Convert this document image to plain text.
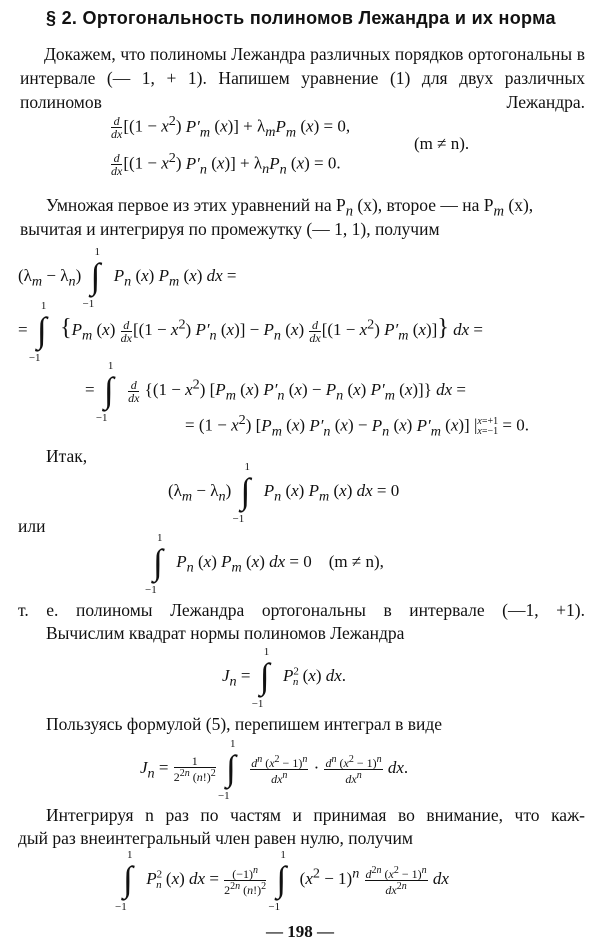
§ 2. Ортогональность полиномов Лежандра и их норма
Докажем, что полиномы Лежандра различных порядков ортогональны в интервале (— 1, + 1). Напишем уравнение (1) для двух различных полиномов Лежандра.
$\frac{d}{dx} [(1 - x^2)$ $P'_m$ $(x)] + \lambda_mP_m$ (x) = 0,
$\frac{d}{dx} [(1 - x^2)$ $P'_n$ $(x)] + \lambda_nP_n$ (x) = 0.
(m ≠ n).
Умножая первое из этих уравнений на $P_n$ (x), второе — на $P_m$ (x),
вычитая и интегрируя по промежутку (— 1, 1), получим
$(\lambda_m - \lambda_n)$
1
∫
−1
$P_n$ (x) $P_m$ (x) dx =
=
1
∫
−1
{$P_m$ $(x) \frac{d}{dx} [(1 - x^2)$ $P'_n$ $(x)] - P_n$ $(x) \frac{d}{dx} [(1 - x^2)$ $P'_m$ (x)]} dx =
=
1
∫
−1

$\frac{d}{dx} \{(1 - x^2)$ [$P_m$ (x) $P'_n$ $(x) - P_n$ (x) $P'_m$ (x)]} dx =
= $(1 - x^2)$ [$P_m$ (x) $P'_n$ $(x) - P_n$ (x) $P'_m$ (x)] |x=+1
x=−1 = 0.
Итак,
$(\lambda_m - \lambda_n)$
1
∫
−1
$P_n$ (x) $P_m$ (x) dx = 0
или
1
∫
−1
$P_n$ (x) $P_m$ (x) dx = 0    (m ≠ n),
т. е. полиномы Лежандра ортогональны в интервале (—1, +1).
Вычислим квадрат нормы полиномов Лежандра
$J_n$ =
1
∫
−1
$P^2_n$ (x) dx.
Пользуясь формулой (5), перепишем интеграл в виде
$J_n = \frac{1}{2^{2n} (n!)^2}$

1
∫
−1

$\frac{d^n (x^2 - 1)^n}{dx^n} \cdot \frac{d^n (x^2 - 1)^n}{dx^n}$ dx.
Интегрируя n раз по частям и принимая во внимание, что каж-
дый раз внеинтегральный член равен нулю, получим
1
∫
−1
$P^2_n$ (x) dx = $\frac{(-1)^n}{2^{2n} (n!)^2}$

1
∫
−1
$(x^2 - 1)^n \frac{d^{2n} (x^2 - 1)^n}{dx^{2n}}$ dx
— 198 —
